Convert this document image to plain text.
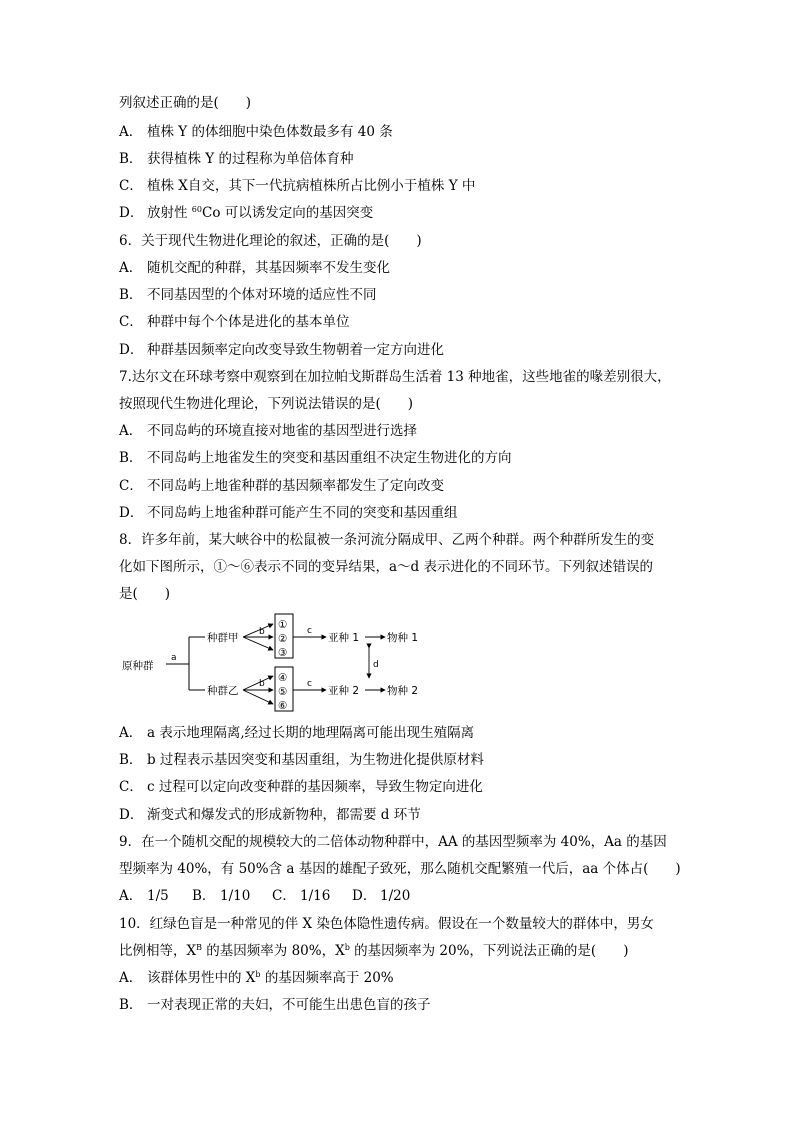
列叙述正确的是(　　)
A． 植株 Y 的体细胞中染色体数最多有 40 条
B． 获得植株 Y 的过程称为单倍体育种
C． 植株 X自交，其下一代抗病植株所占比例小于植株 Y 中
D． 放射性 $^{60}$Co 可以诱发定向的基因突变
6．关于现代生物进化理论的叙述，正确的是(　　)
A． 随机交配的种群，其基因频率不发生变化
B． 不同基因型的个体对环境的适应性不同
C． 种群中每个个体是进化的基本单位
D． 种群基因频率定向改变导致生物朝着一定方向进化
7.达尔文在环球考察中观察到在加拉帕戈斯群岛生活着 13 种地雀，这些地雀的喙差别很大，
按照现代生物进化理论，下列说法错误的是(　　)
A． 不同岛屿的环境直接对地雀的基因型进行选择
B． 不同岛屿上地雀发生的突变和基因重组不决定生物进化的方向
C． 不同岛屿上地雀种群的基因频率都发生了定向改变
D． 不同岛屿上地雀种群可能产生不同的突变和基因重组
8．许多年前，某大峡谷中的松鼠被一条河流分隔成甲、乙两个种群。两个种群所发生的变
化如下图所示，①～⑥表示不同的变异结果，a～d 表示进化的不同环节。下列叙述错误的
是(　　)
原种群
a
种群甲
种群乙
b
b
①
②
③
④
⑤
⑥
c
c
亚种 1
亚种 2
d
物种 1
物种 2
A． a 表示地理隔离,经过长期的地理隔离可能出现生殖隔离
B． b 过程表示基因突变和基因重组，为生物进化提供原材料
C． c 过程可以定向改变种群的基因频率，导致生物定向进化
D． 渐变式和爆发式的形成新物种，都需要 d 环节
9．在一个随机交配的规模较大的二倍体动物种群中，AA 的基因型频率为 40%，Aa 的基因
型频率为 40%，有 50%含 a 基因的雄配子致死，那么随机交配繁殖一代后，aa 个体占(　　)
A． 1/5 B． 1/10 C． 1/16 D． 1/20
10．红绿色盲是一种常见的伴 X 染色体隐性遗传病。假设在一个数量较大的群体中，男女
比例相等，$X^B$ 的基因频率为 80%，$X^b$ 的基因频率为 20%，下列说法正确的是(　　)
A． 该群体男性中的 $X^b$ 的基因频率高于 20%
B． 一对表现正常的夫妇，不可能生出患色盲的孩子
